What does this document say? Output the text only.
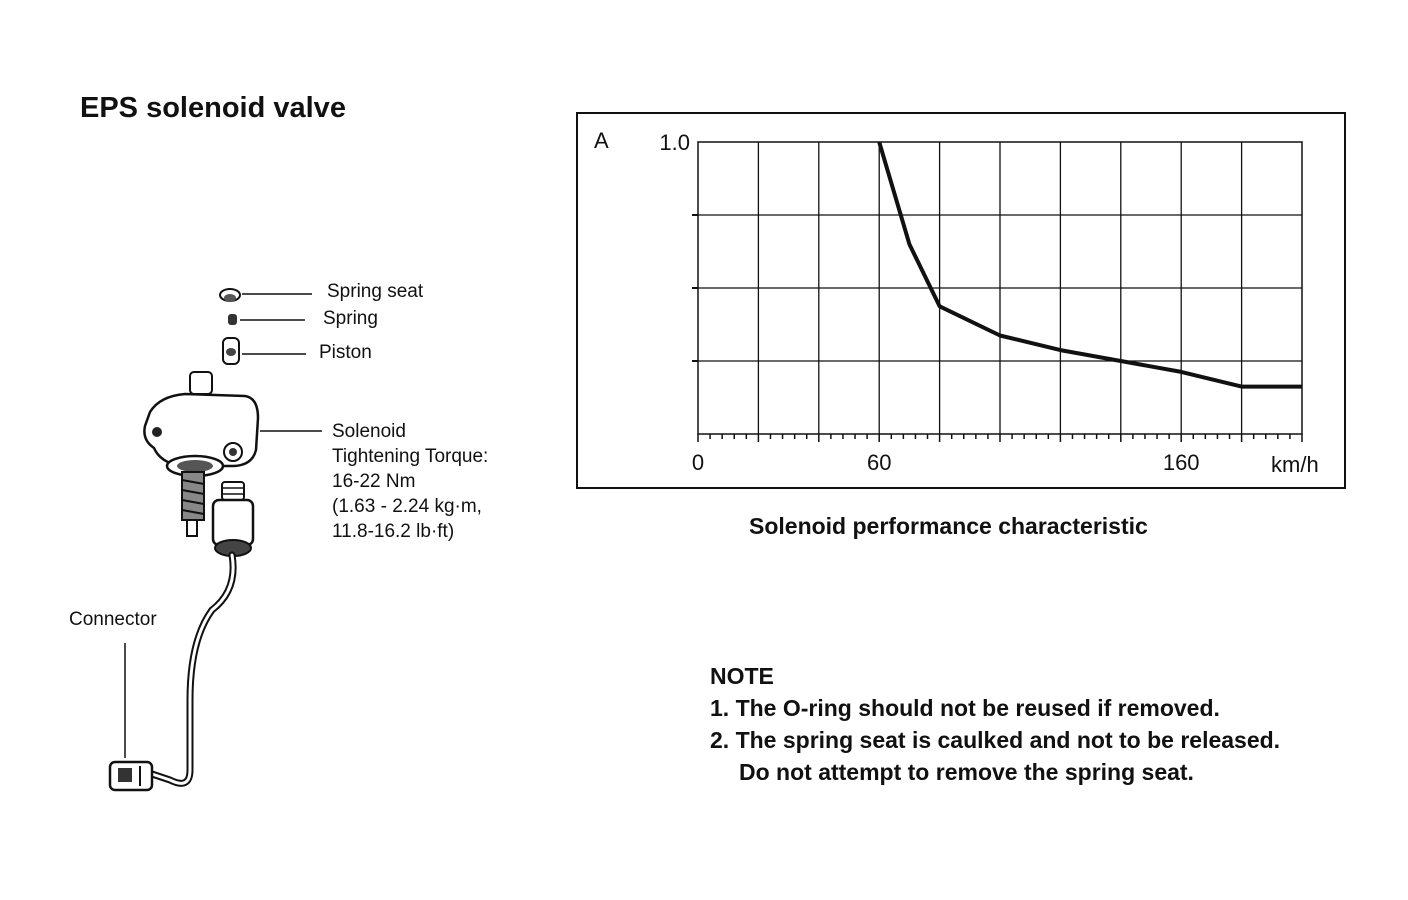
EPS solenoid valve
Spring seat
Spring
Piston
Solenoid
Tightening Torque:
16-22 Nm
(1.63 - 2.24 kg·m,
11.8-16.2 lb·ft)
Connector
0	60	160
1.0
A
km/h
Solenoid performance characteristic
NOTE
1. The O-ring should not be reused if removed.
2. The spring seat is caulked and not to be released.
Do not attempt to remove the spring seat.
